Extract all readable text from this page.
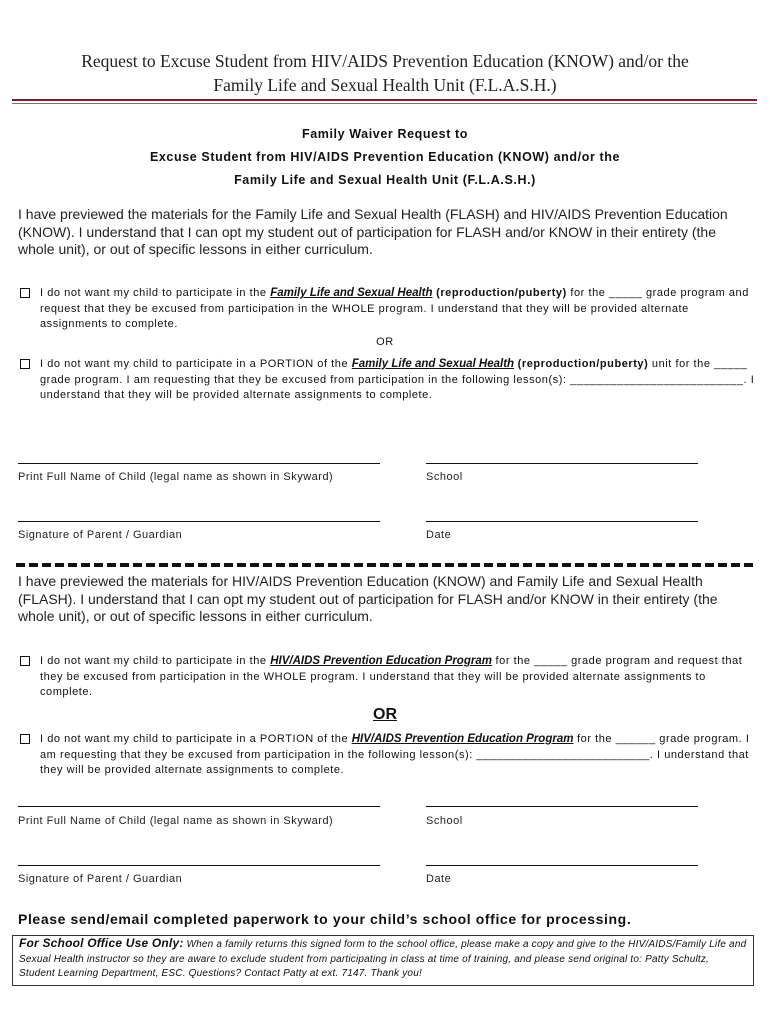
Request to Excuse Student from HIV/AIDS Prevention Education (KNOW) and/or the
Family Life and Sexual Health Unit (F.L.A.S.H.)
Family Waiver Request to
Excuse Student from HIV/AIDS Prevention Education (KNOW) and/or the
Family Life and Sexual Health Unit (F.L.A.S.H.)
I have previewed the materials for the Family Life and Sexual Health (FLASH) and HIV/AIDS Prevention Education (KNOW). I understand that I can opt my student out of participation for FLASH and/or KNOW in their entirety (the whole unit), or out of specific lessons in either curriculum.
I do not want my child to participate in the Family Life and Sexual Health (reproduction/puberty) for the _____ grade program and request that they be excused from participation in the WHOLE program. I understand that they will be provided alternate assignments to complete.
OR
I do not want my child to participate in a PORTION of the Family Life and Sexual Health (reproduction/puberty) unit for the _____ grade program. I am requesting that they be excused from participation in the following lesson(s): __________________________. I understand that they will be provided alternate assignments to complete.
Print Full Name of Child (legal name as shown in Skyward)	School
Signature of Parent / Guardian	Date
I have previewed the materials for HIV/AIDS Prevention Education (KNOW) and Family Life and Sexual Health (FLASH). I understand that I can opt my student out of participation for FLASH and/or KNOW in their entirety (the whole unit), or out of specific lessons in either curriculum.
I do not want my child to participate in the HIV/AIDS Prevention Education Program for the _____ grade program and request that they be excused from participation in the WHOLE program. I understand that they will be provided alternate assignments to complete.
OR
I do not want my child to participate in a PORTION of the HIV/AIDS Prevention Education Program for the ______ grade program. I am requesting that they be excused from participation in the following lesson(s): __________________________. I understand that they will be provided alternate assignments to complete.
Print Full Name of Child (legal name as shown in Skyward)	School
Signature of Parent / Guardian	Date
Please send/email completed paperwork to your child’s school office for processing.
For School Office Use Only: When a family returns this signed form to the school office, please make a copy and give to the HIV/AIDS/Family Life and Sexual Health instructor so they are aware to exclude student from participating in class at time of training, and please send original to: Patty Schultz, Student Learning Department, ESC. Questions? Contact Patty at ext. 7147. Thank you!
